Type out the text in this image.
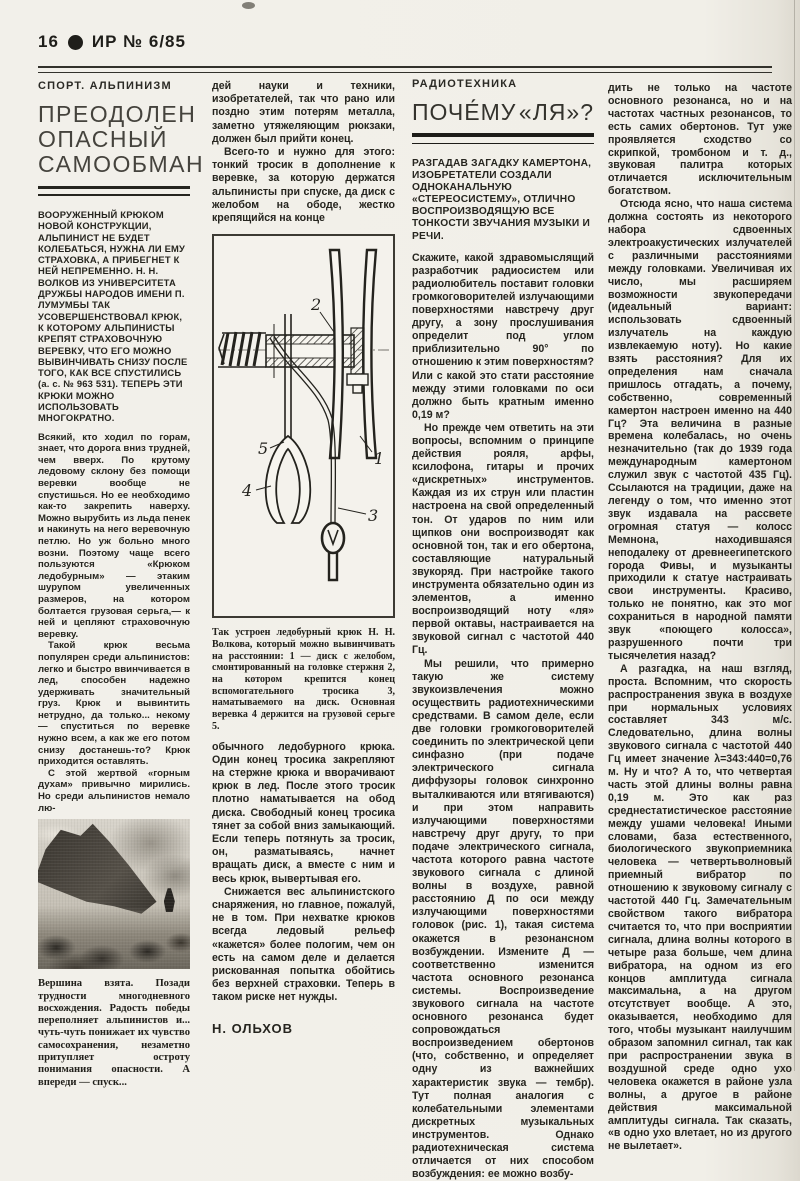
16 ИР № 6/85
СПОРТ. АЛЬПИНИЗМ
ПРЕОДОЛЕН ОПАСНЫЙ САМООБМАН
ВООРУЖЕННЫЙ КРЮКОМ НОВОЙ КОНСТРУКЦИИ, АЛЬПИНИСТ НЕ БУДЕТ КОЛЕБАТЬСЯ, НУЖНА ЛИ ЕМУ СТРАХОВКА, А ПРИБЕГНЕТ К НЕЙ НЕПРЕМЕННО. Н. Н. ВОЛКОВ ИЗ УНИВЕРСИТЕТА ДРУЖБЫ НАРОДОВ ИМЕНИ П. ЛУМУМБЫ ТАК УСОВЕРШЕНСТВОВАЛ КРЮК, К КОТОРОМУ АЛЬПИНИСТЫ КРЕПЯТ СТРАХОВОЧНУЮ ВЕРЕВКУ, ЧТО ЕГО МОЖНО ВЫВИНЧИВАТЬ СНИЗУ ПОСЛЕ ТОГО, КАК ВСЕ СПУСТИЛИСЬ (а. с. № 963 531). ТЕПЕРЬ ЭТИ КРЮКИ МОЖНО ИСПОЛЬЗОВАТЬ МНОГОКРАТНО.

Всякий, кто ходил по горам, знает, что дорога вниз трудней, чем вверх. По крутому ледовому склону без помощи веревки вообще не спустишься. Но ее необходимо как-то закрепить наверху. Можно вырубить из льда пенек и накинуть на него веревочную петлю. Но уж больно много возни. Поэтому чаще всего пользуются «Крюком ледобурным» — этаким шурупом увеличенных размеров, на котором болтается грузовая серьга,— к ней и цепляют страховочную веревку.

Такой крюк весьма популярен среди альпинистов: легко и быстро ввинчивается в лед, способен надежно удерживать значительный груз. Крюк и вывинтить нетрудно, да только... некому — спуститься по веревке нужно всем, а как же его потом снизу достанешь-то? Крюк приходится оставлять.

С этой жертвой «горным духам» привычно мирились. Но среди альпинистов немало лю-

Вершина взята. Позади трудности многодневного восхождения. Радость победы переполняет альпинистов и... чуть-чуть понижает их чувство самосохранения, незаметно притупляет остроту понимания опасности. А впереди — спуск...

дей науки и техники, изобретателей, так что рано или поздно этим потерям металла, заметно утяжеляющим рюкзаки, должен был прийти конец.

Всего-то и нужно для этого: тонкий тросик в дополнение к веревке, за которую держатся альпинисты при спуске, да диск с желобом на ободе, жестко крепящийся на конце

1
2
3
4
5
Так устроен ледобурный крюк Н. Н. Волкова, который можно вывинчивать на расстоянии: 1 — диск с желобом, смонтированный на головке стержня 2, на котором крепится конец вспомогательного тросика 3, наматываемого на диск. Основная веревка 4 держится на грузовой серьге 5.

обычного ледобурного крюка. Один конец тросика закрепляют на стержне крюка и вворачивают крюк в лед. После этого тросик плотно наматывается на обод диска. Свободный конец тросика тянет за собой вниз замыкающий. Если теперь потянуть за тросик, он, разматываясь, начнет вращать диск, а вместе с ним и весь крюк, вывертывая его.

Снижается вес альпинистского снаряжения, но главное, пожалуй, не в том. При нехватке крюков всегда ледовый рельеф «кажется» более пологим, чем он есть на самом деле и делается рискованная попытка обойтись без верхней страховки. Теперь в таком риске нет нужды.

Н. ОЛЬХОВ
РАДИОТЕХНИКА
ПОЧЕ́МУ «ЛЯ»?
РАЗГАДАВ ЗАГАДКУ КАМЕРТОНА, ИЗОБРЕТАТЕЛИ СОЗДАЛИ ОДНОКАНАЛЬНУЮ «СТЕРЕОСИСТЕМУ», ОТЛИЧНО ВОСПРОИЗВОДЯЩУЮ ВСЕ ТОНКОСТИ ЗВУЧАНИЯ МУЗЫКИ И РЕЧИ.

Скажите, какой здравомыслящий разработчик радиосистем или радиолюбитель поставит головки громкоговорителей излучающими поверхностями навстречу друг другу, а зону прослушивания определит под углом приблизительно 90° по отношению к этим поверхностям? Или с какой это стати расстояние между этими головками по оси должно быть кратным именно 0,19 м?

Но прежде чем ответить на эти вопросы, вспомним о принципе действия рояля, арфы, ксилофона, гитары и прочих «дискретных» инструментов. Каждая из их струн или пластин настроена на свой определенный тон. От ударов по ним или щипков они воспроизводят как основной тон, так и его обертона, составляющие натуральный звукоряд. При настройке такого инструмента обязательно один из элементов, а именно воспроизводящий ноту «ля» первой октавы, настраивается на звуковой сигнал с частотой 440 Гц.

Мы решили, что примерно такую же систему звукоизвлечения можно осуществить радиотехническими средствами. В самом деле, если две головки громкоговорителей соединить по электрической цепи синфазно (при подаче электрического сигнала диффузоры головок синхронно выталкиваются или втягиваются) и при этом направить излучающими поверхностями навстречу друг другу, то при подаче электрического сигнала, частота которого равна частоте звукового сигнала с длиной волны в воздухе, равной расстоянию Д по оси между излучающими поверхностями головок (рис. 1), такая система окажется в резонансном возбуждении. Измените Д — соответственно изменится частота основного резонанса системы. Воспроизведение звукового сигнала на частоте основного резонанса будет сопровождаться воспроизведением обертонов (что, собственно, и определяет одну из важнейших характеристик звука — тембр). Тут полная аналогия с колебательными элементами дискретных музыкальных инструментов. Однако радиотехническая система отличается от них способом возбуждения: ее можно возбу-

дить не только на частоте основного резонанса, но и на частотах частных резонансов, то есть самих обертонов. Тут уже проявляется сходство со скрипкой, тромбоном и т. д., звуковая палитра которых отличается исключительным богатством.

Отсюда ясно, что наша система должна состоять из некоторого набора сдвоенных электроакустических излучателей с различными расстояниями между головками. Увеличивая их число, мы расширяем возможности звукопередачи (идеальный вариант: использовать сдвоенный излучатель на каждую извлекаемую ноту). Но какие взять расстояния? Для их определения нам сначала пришлось отгадать, а почему, собственно, современный камертон настроен именно на 440 Гц? Эта величина в разные времена колебалась, но очень незначительно (так до 1939 года международным камертоном служил звук с частотой 435 Гц). Ссылаются на традиции, даже на легенду о том, что именно этот звук издавала на рассвете огромная статуя — колосс Мемнона, находившаяся неподалеку от древнеегипетского города Фивы, и музыканты приходили к статуе настраивать свои инструменты. Красиво, только не понятно, как это мог сохраниться в народной памяти звук «поющего колосса», разрушенного почти три тысячелетия назад?

А разгадка, на наш взгляд, проста. Вспомним, что скорость распространения звука в воздухе при нормальных условиях составляет 343 м/с. Следовательно, длина волны звукового сигнала с частотой 440 Гц имеет значение λ=343:440=0,76 м. Ну и что? А то, что четвертая часть этой длины волны равна 0,19 м. Это как раз среднестатистическое расстояние между ушами человека! Иными словами, база естественного, биологического звукоприемника человека — четвертьволновый приемный вибратор по отношению к звуковому сигналу с частотой 440 Гц. Замечательным свойством такого вибратора считается то, что при восприятии сигнала, длина волны которого в четыре раза больше, чем длина вибратора, на одном из его концов амплитуда сигнала максимальна, а на другом отсутствует вообще. А это, оказывается, необходимо для того, чтобы музыкант наилучшим образом запомнил сигнал, так как при распространении звука в воздушной среде одно ухо человека окажется в районе узла волны, а другое в районе действия максимальной амплитуды сигнала. Так сказать, «в одно ухо влетает, но из другого не вылетает».
